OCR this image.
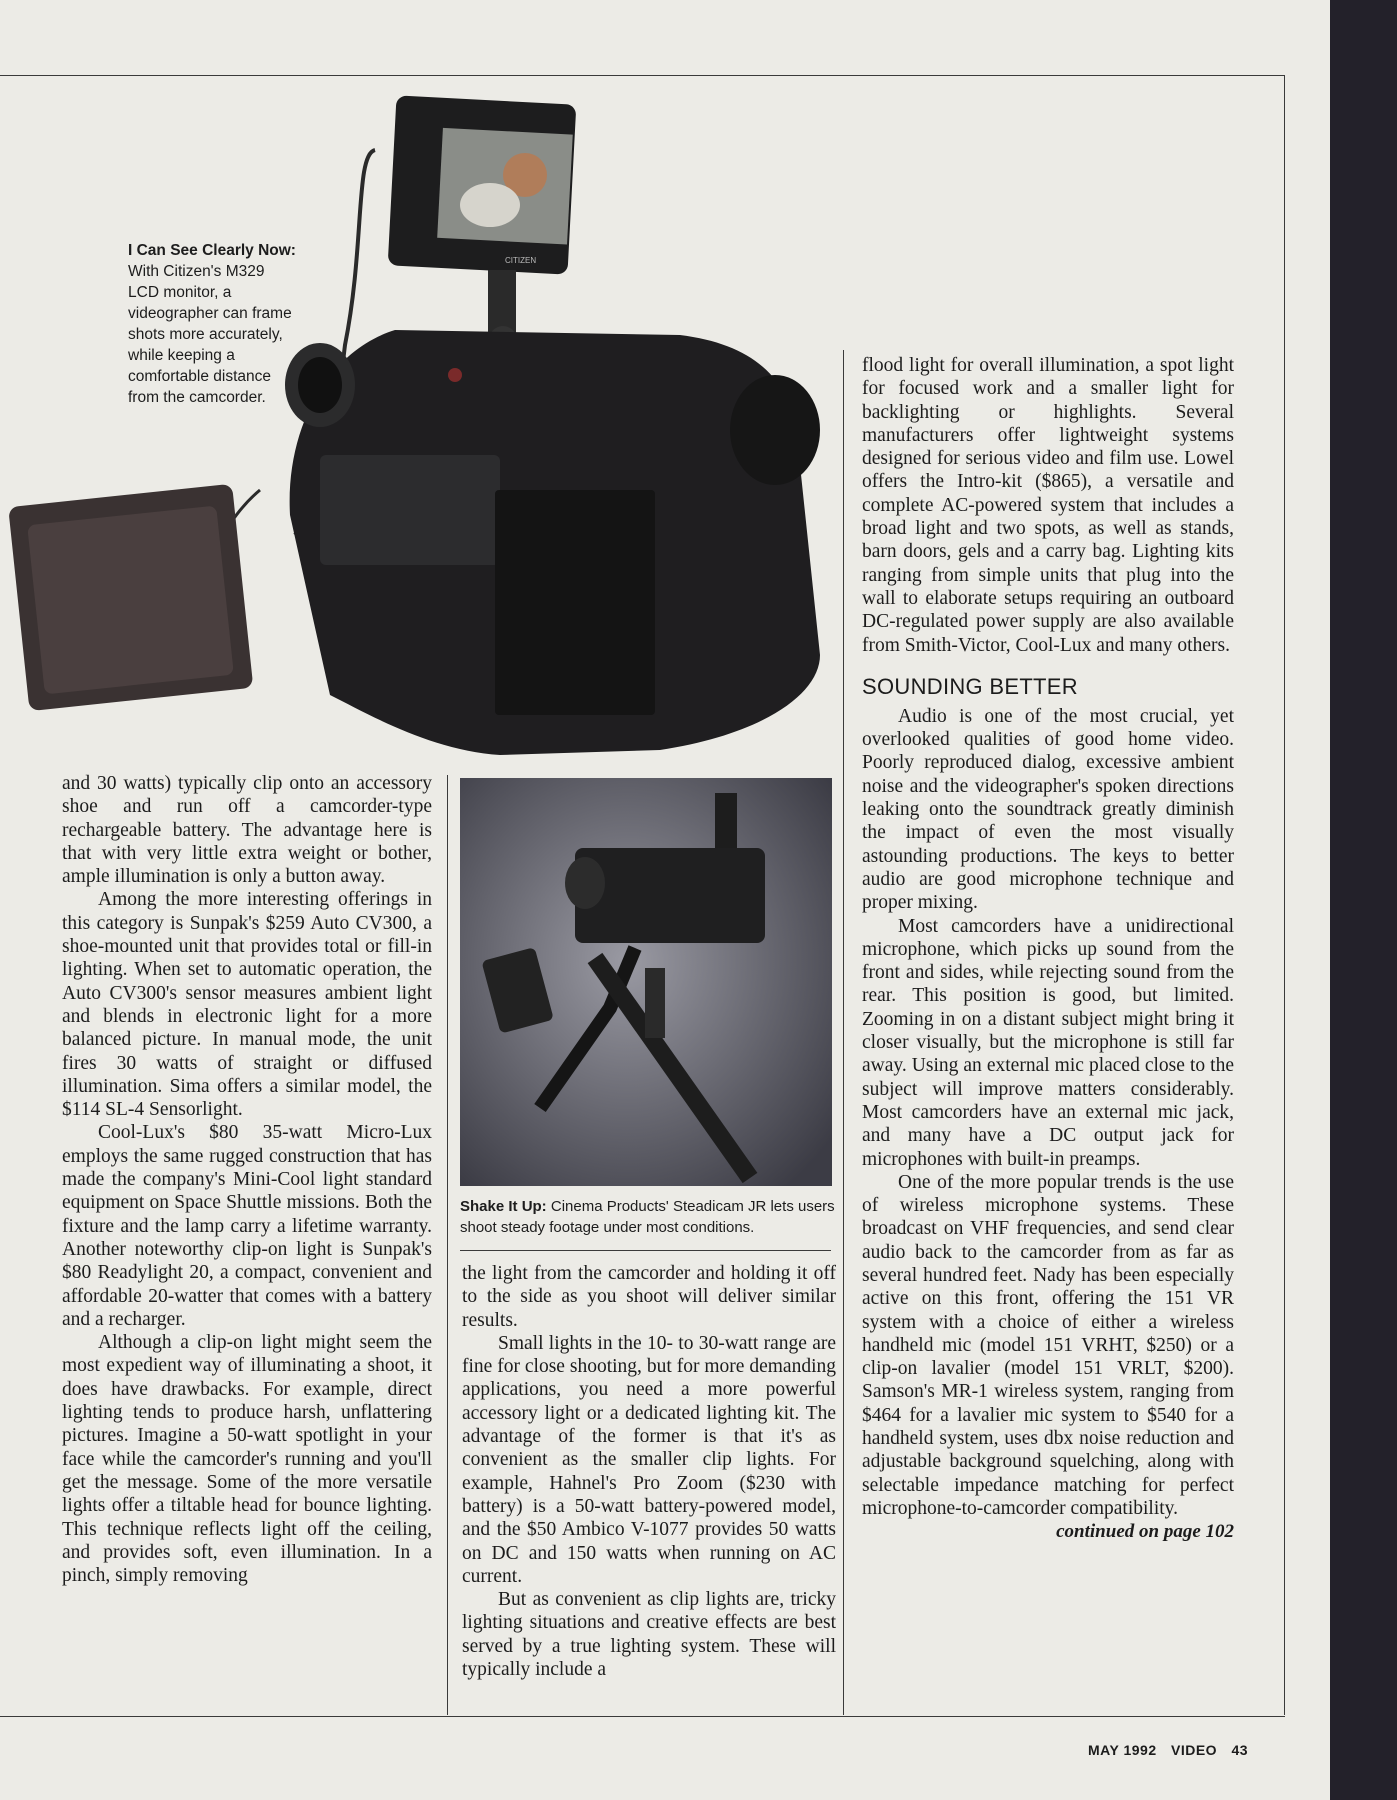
CITIZEN
I Can See Clearly Now: With Citizen's M329 LCD monitor, a videographer can frame shots more accurately, while keeping a comfortable distance from the camcorder.
Shake It Up: Cinema Products' Steadicam JR lets users shoot steady footage under most conditions.

and 30 watts) typically clip onto an accessory shoe and run off a camcorder-type rechargeable battery. The advantage here is that with very little extra weight or bother, ample illumination is only a button away.

Among the more interesting offerings in this category is Sunpak's $259 Auto CV300, a shoe-mounted unit that provides total or fill-in lighting. When set to automatic operation, the Auto CV300's sensor measures ambient light and blends in electronic light for a more balanced picture. In manual mode, the unit fires 30 watts of straight or diffused illumination. Sima offers a similar model, the $114 SL-4 Sensorlight.

Cool-Lux's $80 35-watt Micro-Lux employs the same rugged construction that has made the company's Mini-Cool light standard equipment on Space Shuttle missions. Both the fixture and the lamp carry a lifetime warranty. Another noteworthy clip-on light is Sunpak's $80 Readylight 20, a compact, convenient and affordable 20-watter that comes with a battery and a recharger.

Although a clip-on light might seem the most expedient way of illuminating a shoot, it does have drawbacks. For example, direct lighting tends to produce harsh, unflattering pictures. Imagine a 50-watt spotlight in your face while the camcorder's running and you'll get the message. Some of the more versatile lights offer a tiltable head for bounce lighting. This technique reflects light off the ceiling, and provides soft, even illumination. In a pinch, simply removing

the light from the camcorder and holding it off to the side as you shoot will deliver similar results.

Small lights in the 10- to 30-watt range are fine for close shooting, but for more demanding applications, you need a more powerful accessory light or a dedicated lighting kit. The advantage of the former is that it's as convenient as the smaller clip lights. For example, Hahnel's Pro Zoom ($230 with battery) is a 50-watt battery-powered model, and the $50 Ambico V-1077 provides 50 watts on DC and 150 watts when running on AC current.

But as convenient as clip lights are, tricky lighting situations and creative effects are best served by a true lighting system. These will typically include a

flood light for overall illumination, a spot light for focused work and a smaller light for backlighting or highlights. Several manufacturers offer lightweight systems designed for serious video and film use. Lowel offers the Intro-kit ($865), a versatile and complete AC-powered system that includes a broad light and two spots, as well as stands, barn doors, gels and a carry bag. Lighting kits ranging from simple units that plug into the wall to elaborate setups requiring an outboard DC-regulated power supply are also available from Smith-Victor, Cool-Lux and many others.

SOUNDING BETTER

Audio is one of the most crucial, yet overlooked qualities of good home video. Poorly reproduced dialog, excessive ambient noise and the videographer's spoken directions leaking onto the soundtrack greatly diminish the impact of even the most visually astounding productions. The keys to better audio are good microphone technique and proper mixing.

Most camcorders have a unidirectional microphone, which picks up sound from the front and sides, while rejecting sound from the rear. This position is good, but limited. Zooming in on a distant subject might bring it closer visually, but the microphone is still far away. Using an external mic placed close to the subject will improve matters considerably. Most camcorders have an external mic jack, and many have a DC output jack for microphones with built-in preamps.

One of the more popular trends is the use of wireless microphone systems. These broadcast on VHF frequencies, and send clear audio back to the camcorder from as far as several hundred feet. Nady has been especially active on this front, offering the 151 VR system with a choice of either a wireless handheld mic (model 151 VRHT, $250) or a clip-on lavalier (model 151 VRLT, $200). Samson's MR-1 wireless system, ranging from $464 for a lavalier mic system to $540 for a handheld system, uses dbx noise reduction and adjustable background squelching, along with selectable impedance matching for perfect microphone-to-camcorder compatibility.

continued on page 102

MAY 1992 VIDEO 43
